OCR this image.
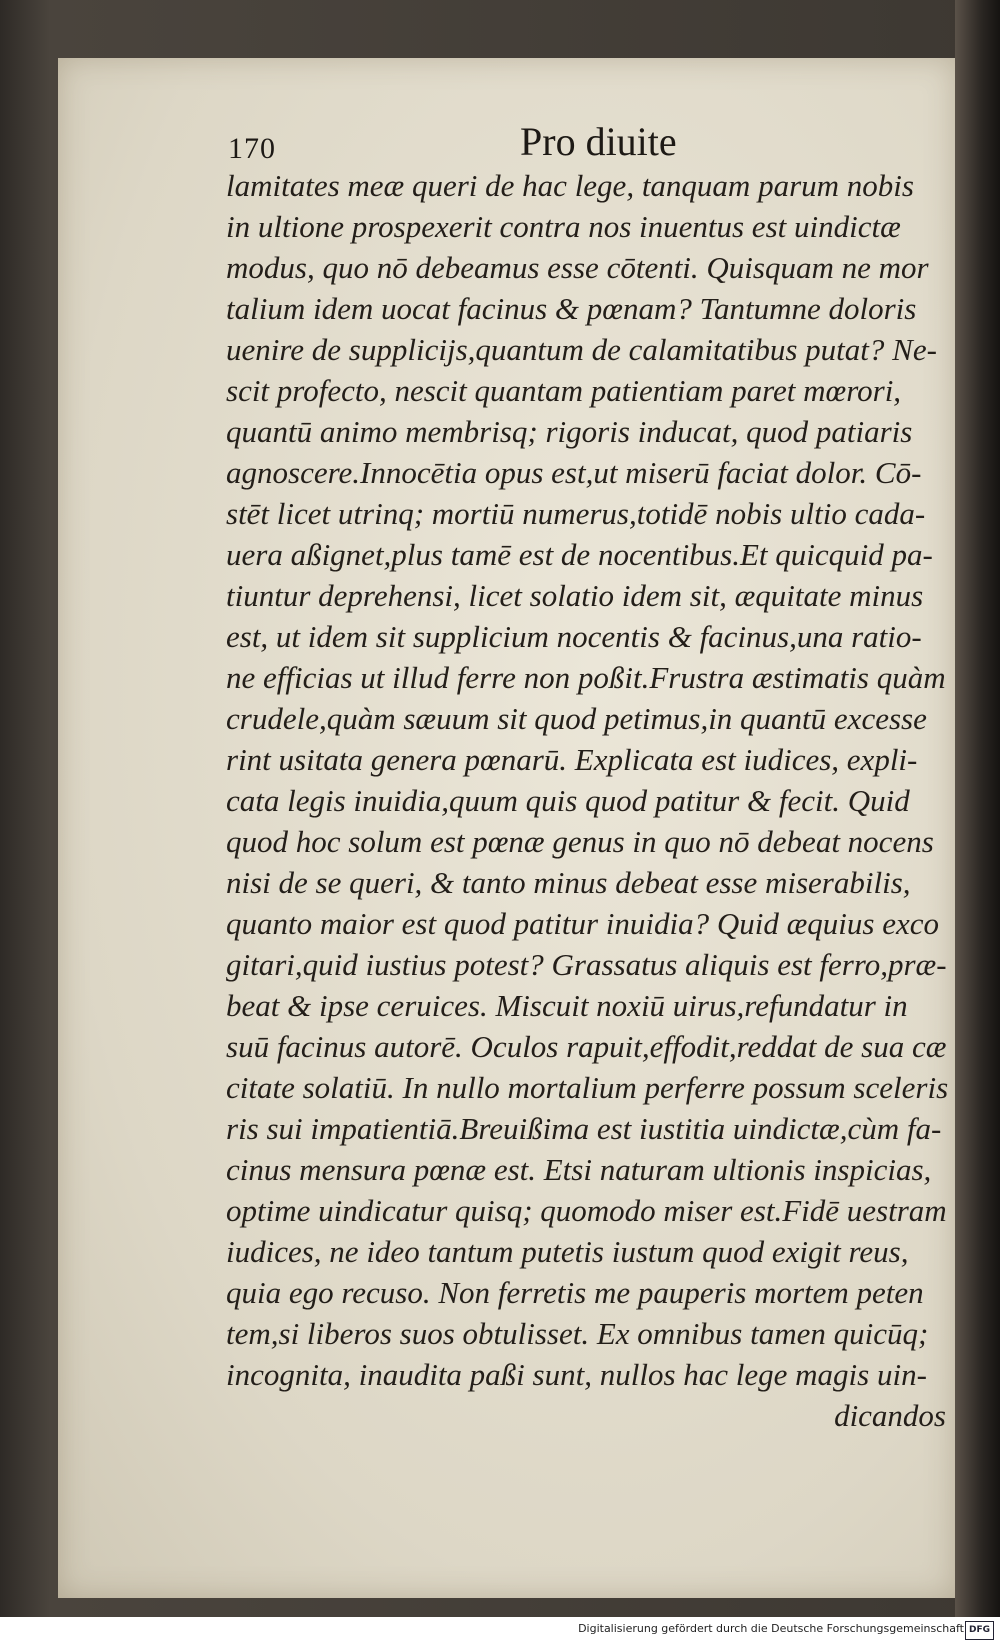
170	Pro diuite
lamitates meæ queri de hac lege, tanquam parum nobis
in ultione prospexerit contra nos inuentus est uindictæ
modus, quo nō debeamus esse cōtenti. Quisquam ne mor
talium idem uocat facinus & pœnam? Tantumne doloris
uenire de supplicijs,quantum de calamitatibus putat? Ne-
scit profecto, nescit quantam patientiam paret mœrori,
quantū animo membrisq; rigoris inducat, quod patiaris
agnoscere.Innocētia opus est,ut miserū faciat dolor. Cō-
stēt licet utrinq; mortiū numerus,totidē nobis ultio cada-
uera aßignet,plus tamē est de nocentibus.Et quicquid pa-
tiuntur deprehensi, licet solatio idem sit, æquitate minus
est, ut idem sit supplicium nocentis & facinus,una ratio-
ne efficias ut illud ferre non poßit.Frustra æstimatis quàm
crudele,quàm sæuum sit quod petimus,in quantū excesse
rint usitata genera pœnarū. Explicata est iudices, expli-
cata legis inuidia,quum quis quod patitur & fecit. Quid
quod hoc solum est pœnæ genus in quo nō debeat nocens
nisi de se queri, & tanto minus debeat esse miserabilis,
quanto maior est quod patitur inuidia? Quid æquius exco
gitari,quid iustius potest? Grassatus aliquis est ferro,præ-
beat & ipse ceruices. Miscuit noxiū uirus,refundatur in
suū facinus autorē. Oculos rapuit,effodit,reddat de sua cæ
citate solatiū. In nullo mortalium perferre possum sceleris
ris sui impatientiā.Breuißima est iustitia uindictæ,cùm fa-
cinus mensura pœnæ est. Etsi naturam ultionis inspicias,
optime uindicatur quisq; quomodo miser est.Fidē uestram
iudices, ne ideo tantum putetis iustum quod exigit reus,
quia ego recuso. Non ferretis me pauperis mortem peten
tem,si liberos suos obtulisset. Ex omnibus tamen quicūq;
incognita, inaudita paßi sunt, nullos hac lege magis uin-
dicandos
Digitalisierung gefördert durch die Deutsche Forschungsgemeinschaft DFG
